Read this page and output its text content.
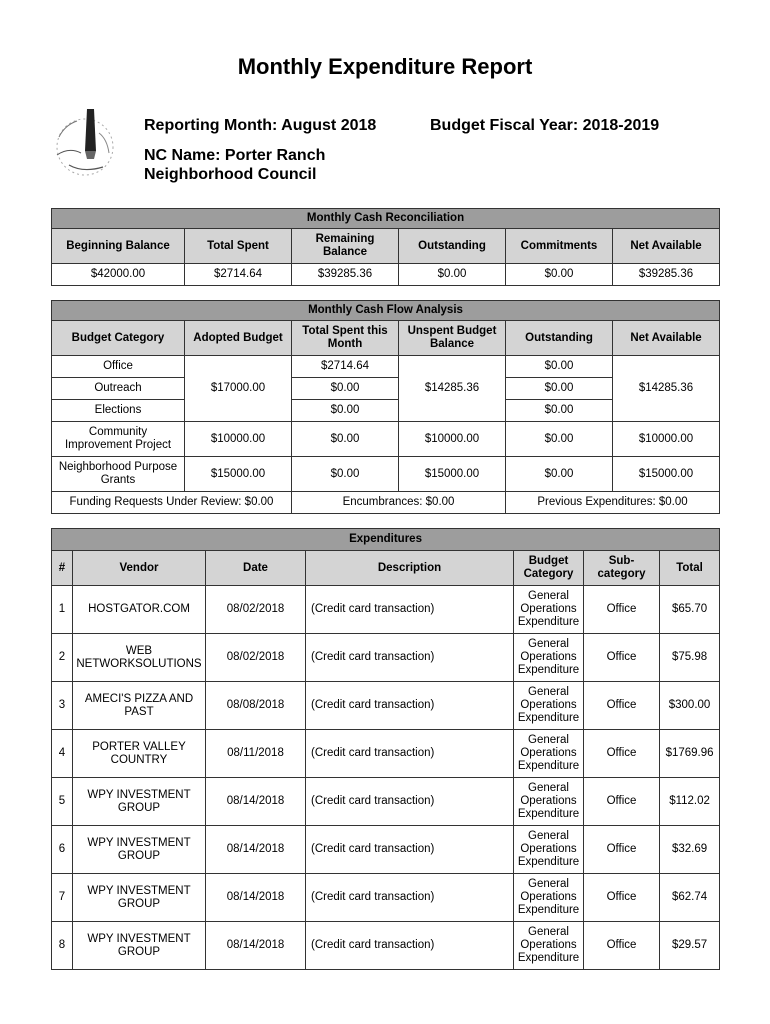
Monthly Expenditure Report
Reporting Month: August 2018	Budget Fiscal Year: 2018-2019
NC Name: Porter Ranch Neighborhood Council
Monthly Cash Reconciliation					
Beginning Balance	Total Spent	Remaining Balance	Outstanding	Commitments	Net Available
$42000.00	$2714.64	$39285.36	$0.00	$0.00	$39285.36
Monthly Cash Flow Analysis					
Budget Category	Adopted Budget	Total Spent this Month	Unspent Budget Balance	Outstanding	Net Available
Office	$17000.00	$2714.64	$14285.36	$0.00	$14285.36
Outreach		$0.00		$0.00	
Elections		$0.00		$0.00	
Community Improvement Project	$10000.00	$0.00	$10000.00	$0.00	$10000.00
Neighborhood Purpose Grants	$15000.00	$0.00	$15000.00	$0.00	$15000.00
Funding Requests Under Review: $0.00		Encumbrances: $0.00		Previous Expenditures: $0.00	
Expenditures						
#	Vendor	Date	Description	Budget Category	Sub-category	Total
1	HOSTGATOR.COM	08/02/2018	(Credit card transaction)	General Operations Expenditure	Office	$65.70
2	WEB NETWORKSOLUTIONS	08/02/2018	(Credit card transaction)	General Operations Expenditure	Office	$75.98
3	AMECI'S PIZZA AND PAST	08/08/2018	(Credit card transaction)	General Operations Expenditure	Office	$300.00
4	PORTER VALLEY COUNTRY	08/11/2018	(Credit card transaction)	General Operations Expenditure	Office	$1769.96
5	WPY INVESTMENT GROUP	08/14/2018	(Credit card transaction)	General Operations Expenditure	Office	$112.02
6	WPY INVESTMENT GROUP	08/14/2018	(Credit card transaction)	General Operations Expenditure	Office	$32.69
7	WPY INVESTMENT GROUP	08/14/2018	(Credit card transaction)	General Operations Expenditure	Office	$62.74
8	WPY INVESTMENT GROUP	08/14/2018	(Credit card transaction)	General Operations Expenditure	Office	$29.57
